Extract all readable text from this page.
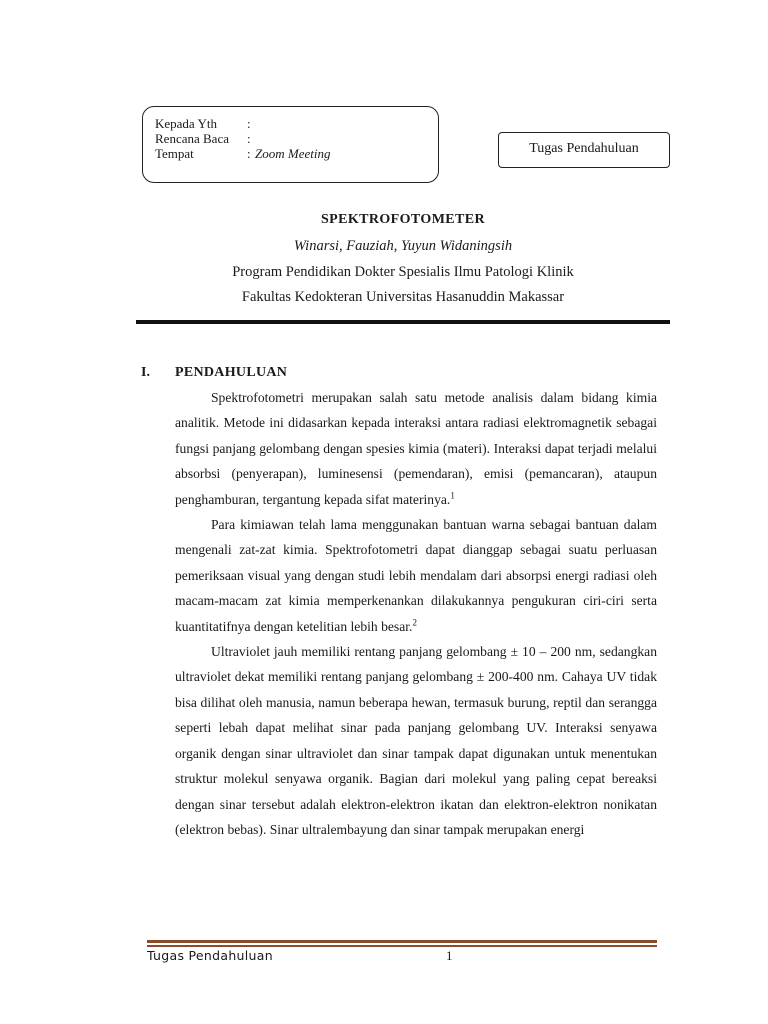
Kepada Yth :
Rencana Baca :
Tempat	: Zoom Meeting	Tugas Pendahuluan
SPEKTROFOTOMETER
Winarsi, Fauziah, Yuyun Widaningsih
Program Pendidikan Dokter Spesialis Ilmu Patologi Klinik
Fakultas Kedokteran Universitas Hasanuddin Makassar
I. PENDAHULUAN

Spektrofotometri merupakan salah satu metode analisis dalam bidang kimia analitik. Metode ini didasarkan kepada interaksi antara radiasi elektromagnetik sebagai fungsi panjang gelombang dengan spesies kimia (materi). Interaksi dapat terjadi melalui absorbsi (penyerapan), luminesensi (pemendaran), emisi (pemancaran), ataupun penghamburan, tergantung kepada sifat materinya.$^1$

Para kimiawan telah lama menggunakan bantuan warna sebagai bantuan dalam mengenali zat-zat kimia. Spektrofotometri dapat dianggap sebagai suatu perluasan pemeriksaan visual yang dengan studi lebih mendalam dari absorpsi energi radiasi oleh macam-macam zat kimia memperkenankan dilakukannya pengukuran ciri-ciri serta kuantitatifnya dengan ketelitian lebih besar.$^2$

Ultraviolet jauh memiliki rentang panjang gelombang ± 10 – 200 nm, sedangkan ultraviolet dekat memiliki rentang panjang gelombang ± 200-400 nm. Cahaya UV tidak bisa dilihat oleh manusia, namun beberapa hewan, termasuk burung, reptil dan serangga seperti lebah dapat melihat sinar pada panjang gelombang UV. Interaksi senyawa organik dengan sinar ultraviolet dan sinar tampak dapat digunakan untuk menentukan struktur molekul senyawa organik. Bagian dari molekul yang paling cepat bereaksi dengan sinar tersebut adalah elektron-elektron ikatan dan elektron-elektron nonikatan (elektron bebas). Sinar ultralembayung dan sinar tampak merupakan energi

Tugas Pendahuluan	1
